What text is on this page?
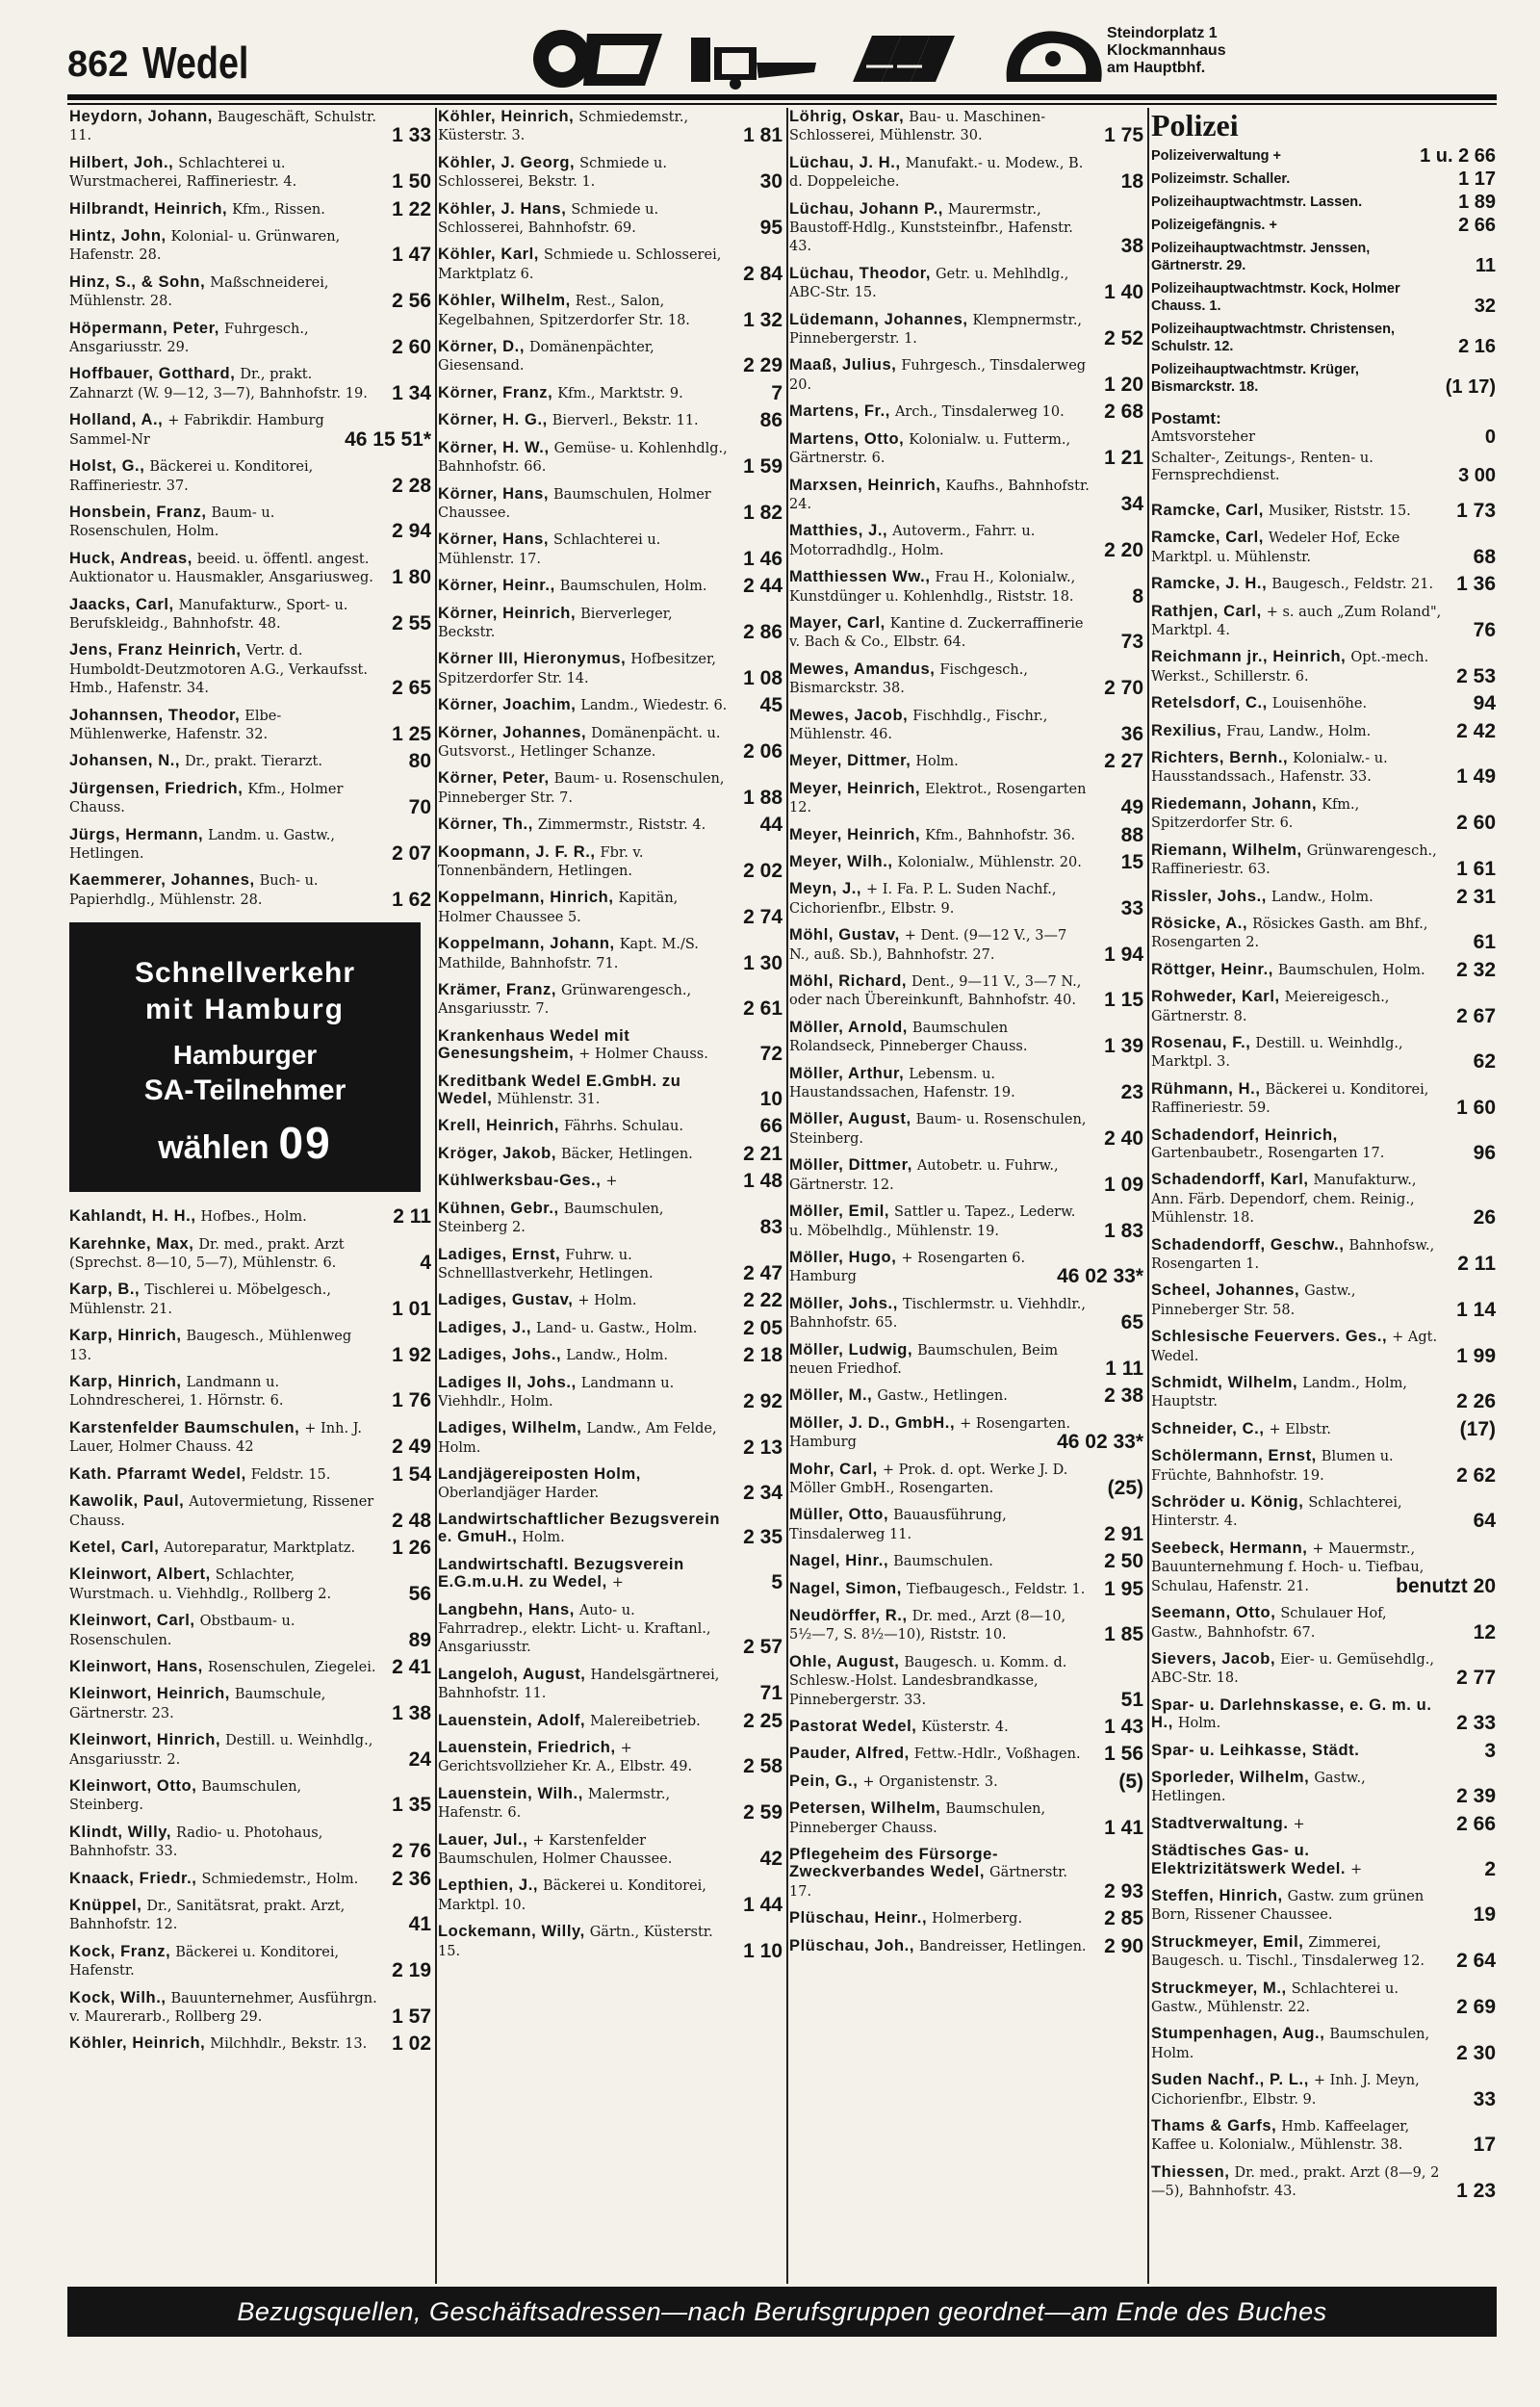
862 Wedel
Steindorplatz 1
Klockmannhaus
am Hauptbhf.
Heydorn, Johann, Baugeschäft, Schulstr. 11.	1 33
Hilbert, Joh., Schlachterei u. Wurstmacherei, Raffineriestr. 4.	1 50
Hilbrandt, Heinrich, Kfm., Rissen.	1 22
Hintz, John, Kolonial- u. Grünwaren, Hafenstr. 28.	1 47
Hinz, S., & Sohn, Maßschneiderei, Mühlenstr. 28.	2 56
Höpermann, Peter, Fuhrgesch., Ansgariusstr. 29.	2 60
Hoffbauer, Gotthard, Dr., prakt. Zahnarzt (W. 9—12, 3—7), Bahnhofstr. 19. 1 34
Holland, A., + Fabrikdir. Hamburg Sammel-Nr	46 15 51*
Holst, G., Bäckerei u. Konditorei, Raffineriestr. 37.	2 28
Honsbein, Franz, Baum- u. Rosenschulen, Holm.	2 94
Huck, Andreas, beeid. u. öffentl. angest. Auktionator u. Hausmakler, Ansgariusweg. 1 80
Jaacks, Carl, Manufakturw., Sport- u. Berufskleidg., Bahnhofstr. 48.	2 55
Jens, Franz Heinrich, Vertr. d. Humboldt-Deutzmotoren A.G., Verkaufsst. Hmb., Hafenstr. 34.	2 65
Johannsen, Theodor, Elbe-Mühlenwerke, Hafenstr. 32.	1 25
Johansen, N., Dr., prakt. Tierarzt.	80
Jürgensen, Friedrich, Kfm., Holmer Chauss.	70
Jürgs, Hermann, Landm. u. Gastw., Hetlingen.	2 07
Kaemmerer, Johannes, Buch- u. Papierhdlg., Mühlenstr. 28.	1 62
Schnellverkehr
mit Hamburg
Hamburger
SA-Teilnehmer
wählen 09
Kahlandt, H. H., Hofbes., Holm.	2 11
Karehnke, Max, Dr. med., prakt. Arzt (Sprechst. 8—10, 5—7), Mühlenstr. 6.	4
Karp, B., Tischlerei u. Möbelgesch., Mühlenstr. 21.	1 01
Karp, Hinrich, Baugesch., Mühlenweg 13.	1 92
Karp, Hinrich, Landmann u. Lohndrescherei, 1. Hörnstr. 6.	1 76
Karstenfelder Baumschulen, + Inh. J. Lauer, Holmer Chauss. 42	2 49
Kath. Pfarramt Wedel, Feldstr. 15.	1 54
Kawolik, Paul, Autovermietung, Rissener Chauss.	2 48
Ketel, Carl, Autoreparatur, Marktplatz. 1 26
Kleinwort, Albert, Schlachter, Wurstmach. u. Viehhdlg., Rollberg 2.	56
Kleinwort, Carl, Obstbaum- u. Rosenschulen.	89
Kleinwort, Hans, Rosenschulen, Ziegelei. 2 41
Kleinwort, Heinrich, Baumschule, Gärtnerstr. 23.	1 38
Kleinwort, Hinrich, Destill. u. Weinhdlg., Ansgariusstr. 2.	24
Kleinwort, Otto, Baumschulen, Steinberg.	1 35
Klindt, Willy, Radio- u. Photohaus, Bahnhofstr. 33.	2 76
Knaack, Friedr., Schmiedemstr., Holm. 2 36
Knüppel, Dr., Sanitätsrat, prakt. Arzt, Bahnhofstr. 12.	41
Kock, Franz, Bäckerei u. Konditorei, Hafenstr.	2 19
Kock, Wilh., Bauunternehmer, Ausführgn. v. Maurerarb., Rollberg 29.	1 57
Köhler, Heinrich, Milchhdlr., Bekstr. 13. 1 02
Köhler, Heinrich, Schmiedemstr., Küsterstr. 3.	1 81
Köhler, J. Georg, Schmiede u. Schlosserei, Bekstr. 1.	30
Köhler, J. Hans, Schmiede u. Schlosserei, Bahnhofstr. 69.	95
Köhler, Karl, Schmiede u. Schlosserei, Marktplatz 6.	2 84
Köhler, Wilhelm, Rest., Salon, Kegelbahnen, Spitzerdorfer Str. 18.	1 32
Körner, D., Domänenpächter, Giesensand.	2 29
Körner, Franz, Kfm., Marktstr. 9.	7
Körner, H. G., Bierverl., Bekstr. 11.	86
Körner, H. W., Gemüse- u. Kohlenhdlg., Bahnhofstr. 66.	1 59
Körner, Hans, Baumschulen, Holmer Chaussee.	1 82
Körner, Hans, Schlachterei u. Mühlenstr. 17.	1 46
Körner, Heinr., Baumschulen, Holm. 2 44
Körner, Heinrich, Bierverleger, Beckstr.	2 86
Körner III, Hieronymus, Hofbesitzer, Spitzerdorfer Str. 14.	1 08
Körner, Joachim, Landm., Wiedestr. 6. 45
Körner, Johannes, Domänenpächt. u. Gutsvorst., Hetlinger Schanze.	2 06
Körner, Peter, Baum- u. Rosenschulen, Pinneberger Str. 7.	1 88
Körner, Th., Zimmermstr., Riststr. 4.	44
Koopmann, J. F. R., Fbr. v. Tonnenbändern, Hetlingen.	2 02
Koppelmann, Hinrich, Kapitän, Holmer Chaussee 5.	2 74
Koppelmann, Johann, Kapt. M./S. Mathilde, Bahnhofstr. 71.	1 30
Krämer, Franz, Grünwarengesch., Ansgariusstr. 7.	2 61
Krankenhaus Wedel mit Genesungsheim, + Holmer Chauss.	72
Kreditbank Wedel E.GmbH. zu Wedel, Mühlenstr. 31.	10
Krell, Heinrich, Fährhs. Schulau.	66
Kröger, Jakob, Bäcker, Hetlingen. 2 21
Kühlwerksbau-Ges., +	1 48
Kühnen, Gebr., Baumschulen, Steinberg 2.	83
Ladiges, Ernst, Fuhrw. u. Schnelllastverkehr, Hetlingen.	2 47
Ladiges, Gustav, + Holm.	2 22
Ladiges, J., Land- u. Gastw., Holm. 2 05
Ladiges, Johs., Landw., Holm.	2 18
Ladiges II, Johs., Landmann u. Viehhdlr., Holm.	2 92
Ladiges, Wilhelm, Landw., Am Felde, Holm.	2 13
Landjägereiposten Holm, Oberlandjäger Harder.	2 34
Landwirtschaftlicher Bezugsverein e. GmuH., Holm.	2 35
Landwirtschaftl. Bezugsverein E.G.m.u.H. zu Wedel, +	5
Langbehn, Hans, Auto- u. Fahrradrep., elektr. Licht- u. Kraftanl., Ansgariusstr.	2 57
Langeloh, August, Handelsgärtnerei, Bahnhofstr. 11.	71
Lauenstein, Adolf, Malereibetrieb. 2 25
Lauenstein, Friedrich, + Gerichtsvollzieher Kr. A., Elbstr. 49.	2 58
Lauenstein, Wilh., Malermstr., Hafenstr. 6.	2 59
Lauer, Jul., + Karstenfelder Baumschulen, Holmer Chaussee.	42
Lepthien, J., Bäckerei u. Konditorei, Marktpl. 10.	1 44
Lockemann, Willy, Gärtn., Küsterstr. 15.	1 10
Löhrig, Oskar, Bau- u. Maschinen-Schlosserei, Mühlenstr. 30.	1 75
Lüchau, J. H., Manufakt.- u. Modew., B. d. Doppeleiche.	18
Lüchau, Johann P., Maurermstr., Baustoff-Hdlg., Kunststeinfbr., Hafenstr. 43.	38
Lüchau, Theodor, Getr. u. Mehlhdlg., ABC-Str. 15.	1 40
Lüdemann, Johannes, Klempnermstr., Pinnebergerstr. 1.	2 52
Maaß, Julius, Fuhrgesch., Tinsdalerweg 20.	1 20
Martens, Fr., Arch., Tinsdalerweg 10. 2 68
Martens, Otto, Kolonialw. u. Futterm., Gärtnerstr. 6.	1 21
Marxsen, Heinrich, Kaufhs., Bahnhofstr. 24.	34
Matthies, J., Autoverm., Fahrr. u. Motorradhdlg., Holm.	2 20
Matthiessen Ww., Frau H., Kolonialw., Kunstdünger u. Kohlenhdlg., Riststr. 18.	8
Mayer, Carl, Kantine d. Zuckerraffinerie v. Bach & Co., Elbstr. 64.	73
Mewes, Amandus, Fischgesch., Bismarckstr. 38.	2 70
Mewes, Jacob, Fischhdlg., Fischr., Mühlenstr. 46.	36
Meyer, Dittmer, Holm.	2 27
Meyer, Heinrich, Elektrot., Rosengarten 12.	49
Meyer, Heinrich, Kfm., Bahnhofstr. 36. 88
Meyer, Wilh., Kolonialw., Mühlenstr. 20. 15
Meyn, J., + I. Fa. P. L. Suden Nachf., Cichorienfbr., Elbstr. 9.	33
Möhl, Gustav, + Dent. (9—12 V., 3—7 N., auß. Sb.), Bahnhofstr. 27.	1 94
Möhl, Richard, Dent., 9—11 V., 3—7 N., oder nach Übereinkunft, Bahnhofstr. 40. 1 15
Möller, Arnold, Baumschulen Rolandseck, Pinneberger Chauss.	1 39
Möller, Arthur, Lebensm. u. Haustandssachen, Hafenstr. 19.	23
Möller, August, Baum- u. Rosenschulen, Steinberg.	2 40
Möller, Dittmer, Autobetr. u. Fuhrw., Gärtnerstr. 12.	1 09
Möller, Emil, Sattler u. Tapez., Lederw. u. Möbelhdlg., Mühlenstr. 19.	1 83
Möller, Hugo, + Rosengarten 6. Hamburg	46 02 33*
Möller, Johs., Tischlermstr. u. Viehhdlr., Bahnhofstr. 65.	65
Möller, Ludwig, Baumschulen, Beim neuen Friedhof.	1 11
Möller, M., Gastw., Hetlingen.	2 38
Möller, J. D., GmbH., + Rosengarten. Hamburg	46 02 33*
Mohr, Carl, + Prok. d. opt. Werke J. D. Möller GmbH., Rosengarten.	(25)
Müller, Otto, Bauausführung, Tinsdalerweg 11.	2 91
Nagel, Hinr., Baumschulen.	2 50
Nagel, Simon, Tiefbaugesch., Feldstr. 1. 1 95
Neudörffer, R., Dr. med., Arzt (8—10, 5½—7, S. 8½—10), Riststr. 10.	1 85
Ohle, August, Baugesch. u. Komm. d. Schlesw.-Holst. Landesbrandkasse, Pinnebergerstr. 33.	51
Pastorat Wedel, Küsterstr. 4.	1 43
Pauder, Alfred, Fettw.-Hdlr., Voßhagen. 1 56
Pein, G., + Organistenstr. 3.	(5)
Petersen, Wilhelm, Baumschulen, Pinneberger Chauss.	1 41
Pflegeheim des Fürsorge-Zweckverbandes Wedel, Gärtnerstr. 17.	2 93
Plüschau, Heinr., Holmerberg.	2 85
Plüschau, Joh., Bandreisser, Hetlingen. 2 90
Polizei
Polizeiverwaltung +	1 u. 2 66
Polizeimstr. Schaller.	1 17
Polizeihauptwachtmstr. Lassen.	1 89
Polizeigefängnis. +	2 66
Polizeihauptwachtmstr. Jenssen, Gärtnerstr. 29.	11
Polizeihauptwachtmstr. Kock, Holmer Chauss. 1.	32
Polizeihauptwachtmstr. Christensen, Schulstr. 12.	2 16
Polizeihauptwachtmstr. Krüger, Bismarckstr. 18.	(1 17)
Postamt:
Amtsvorsteher	0
Schalter-, Zeitungs-, Renten- u. Fernsprechdienst.	3 00
Ramcke, Carl, Musiker, Riststr. 15. 1 73
Ramcke, Carl, Wedeler Hof, Ecke Marktpl. u. Mühlenstr.	68
Ramcke, J. H., Baugesch., Feldstr. 21. 1 36
Rathjen, Carl, + s. auch „Zum Roland", Marktpl. 4.	76
Reichmann jr., Heinrich, Opt.-mech. Werkst., Schillerstr. 6.	2 53
Retelsdorf, C., Louisenhöhe.	94
Rexilius, Frau, Landw., Holm.	2 42
Richters, Bernh., Kolonialw.- u. Hausstandssach., Hafenstr. 33.	1 49
Riedemann, Johann, Kfm., Spitzerdorfer Str. 6.	2 60
Riemann, Wilhelm, Grünwarengesch., Raffineriestr. 63.	1 61
Rissler, Johs., Landw., Holm.	2 31
Rösicke, A., Rösickes Gasth. am Bhf., Rosengarten 2.	61
Röttger, Heinr., Baumschulen, Holm. 2 32
Rohweder, Karl, Meiereigesch., Gärtnerstr. 8.	2 67
Rosenau, F., Destill. u. Weinhdlg., Marktpl. 3.	62
Rühmann, H., Bäckerei u. Konditorei, Raffineriestr. 59.	1 60
Schadendorf, Heinrich, Gartenbaubetr., Rosengarten 17.	96
Schadendorff, Karl, Manufakturw., Ann. Färb. Dependorf, chem. Reinig., Mühlenstr. 18.	26
Schadendorff, Geschw., Bahnhofsw., Rosengarten 1.	2 11
Scheel, Johannes, Gastw., Pinneberger Str. 58.	1 14
Schlesische Feuervers. Ges., + Agt. Wedel.	1 99
Schmidt, Wilhelm, Landm., Holm, Hauptstr.	2 26
Schneider, C., + Elbstr.	(17)
Schölermann, Ernst, Blumen u. Früchte, Bahnhofstr. 19.	2 62
Schröder u. König, Schlachterei, Hinterstr. 4.	64
Seebeck, Hermann, + Mauermstr., Bauunternehmung f. Hoch- u. Tiefbau, Schulau, Hafenstr. 21.	benutzt 20
Seemann, Otto, Schulauer Hof, Gastw., Bahnhofstr. 67.	12
Sievers, Jacob, Eier- u. Gemüsehdlg., ABC-Str. 18.	2 77
Spar- u. Darlehnskasse, e. G. m. u. H., Holm.	2 33
Spar- u. Leihkasse, Städt.	3
Sporleder, Wilhelm, Gastw., Hetlingen.	2 39
Stadtverwaltung. +	2 66
Städtisches Gas- u. Elektrizitätswerk Wedel. +	2
Steffen, Hinrich, Gastw. zum grünen Born, Rissener Chaussee.	19
Struckmeyer, Emil, Zimmerei, Baugesch. u. Tischl., Tinsdalerweg 12. 2 64
Struckmeyer, M., Schlachterei u. Gastw., Mühlenstr. 22.	2 69
Stumpenhagen, Aug., Baumschulen, Holm.	2 30
Suden Nachf., P. L., + Inh. J. Meyn, Cichorienfbr., Elbstr. 9.	33
Thams & Garfs, Hmb. Kaffeelager, Kaffee u. Kolonialw., Mühlenstr. 38.	17
Thiessen, Dr. med., prakt. Arzt (8—9, 2—5), Bahnhofstr. 43.	1 23
Bezugsquellen, Geschäftsadressen—nach Berufsgruppen geordnet—am Ende des Buches
